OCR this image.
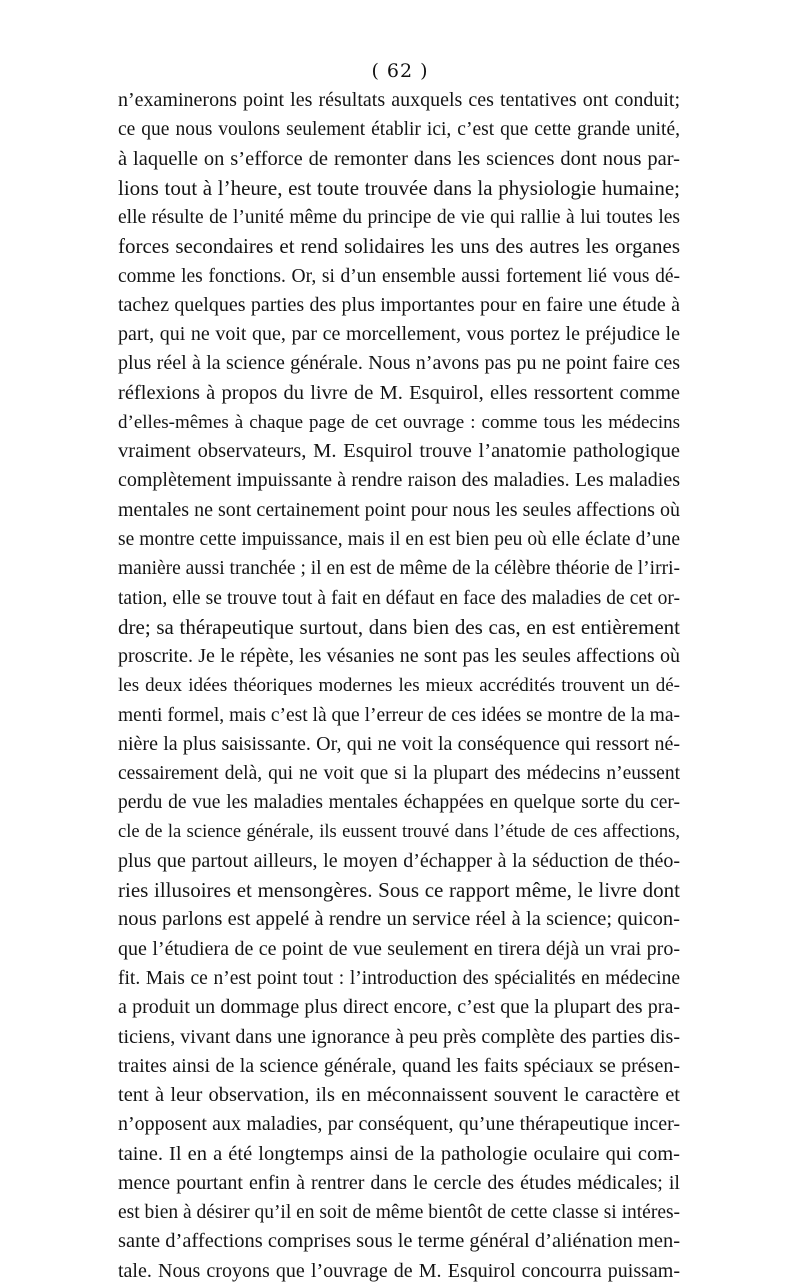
( 62 )
n’examinerons point les résultats auxquels ces tentatives ont conduit;
ce que nous voulons seulement établir ici, c’est que cette grande unité,
à laquelle on s’efforce de remonter dans les sciences dont nous par-
lions tout à l’heure, est toute trouvée dans la physiologie humaine;
elle résulte de l’unité même du principe de vie qui rallie à lui toutes les
forces secondaires et rend solidaires les uns des autres les organes
comme les fonctions. Or, si d’un ensemble aussi fortement lié vous dé-
tachez quelques parties des plus importantes pour en faire une étude à
part, qui ne voit que, par ce morcellement, vous portez le préjudice le
plus réel à la science générale. Nous n’avons pas pu ne point faire ces
réflexions à propos du livre de M. Esquirol, elles ressortent comme
d’elles-mêmes à chaque page de cet ouvrage : comme tous les médecins
vraiment observateurs, M. Esquirol trouve l’anatomie pathologique
complètement impuissante à rendre raison des maladies. Les maladies
mentales ne sont certainement point pour nous les seules affections où
se montre cette impuissance, mais il en est bien peu où elle éclate d’une
manière aussi tranchée ; il en est de même de la célèbre théorie de l’irri-
tation, elle se trouve tout à fait en défaut en face des maladies de cet or-
dre; sa thérapeutique surtout, dans bien des cas, en est entièrement
proscrite. Je le répète, les vésanies ne sont pas les seules affections où
les deux idées théoriques modernes les mieux accrédités trouvent un dé-
menti formel, mais c’est là que l’erreur de ces idées se montre de la ma-
nière la plus saisissante. Or, qui ne voit la conséquence qui ressort né-
cessairement delà, qui ne voit que si la plupart des médecins n’eussent
perdu de vue les maladies mentales échappées en quelque sorte du cer-
cle de la science générale, ils eussent trouvé dans l’étude de ces affections,
plus que partout ailleurs, le moyen d’échapper à la séduction de théo-
ries illusoires et mensongères. Sous ce rapport même, le livre dont
nous parlons est appelé à rendre un service réel à la science; quicon-
que l’étudiera de ce point de vue seulement en tirera déjà un vrai pro-
fit. Mais ce n’est point tout : l’introduction des spécialités en médecine
a produit un dommage plus direct encore, c’est que la plupart des pra-
ticiens, vivant dans une ignorance à peu près complète des parties dis-
traites ainsi de la science générale, quand les faits spéciaux se présen-
tent à leur observation, ils en méconnaissent souvent le caractère et
n’opposent aux maladies, par conséquent, qu’une thérapeutique incer-
taine. Il en a été longtemps ainsi de la pathologie oculaire qui com-
mence pourtant enfin à rentrer dans le cercle des études médicales; il
est bien à désirer qu’il en soit de même bientôt de cette classe si intéres-
sante d’affections comprises sous le terme général d’aliénation men-
tale. Nous croyons que l’ouvrage de M. Esquirol concourra puissam-
